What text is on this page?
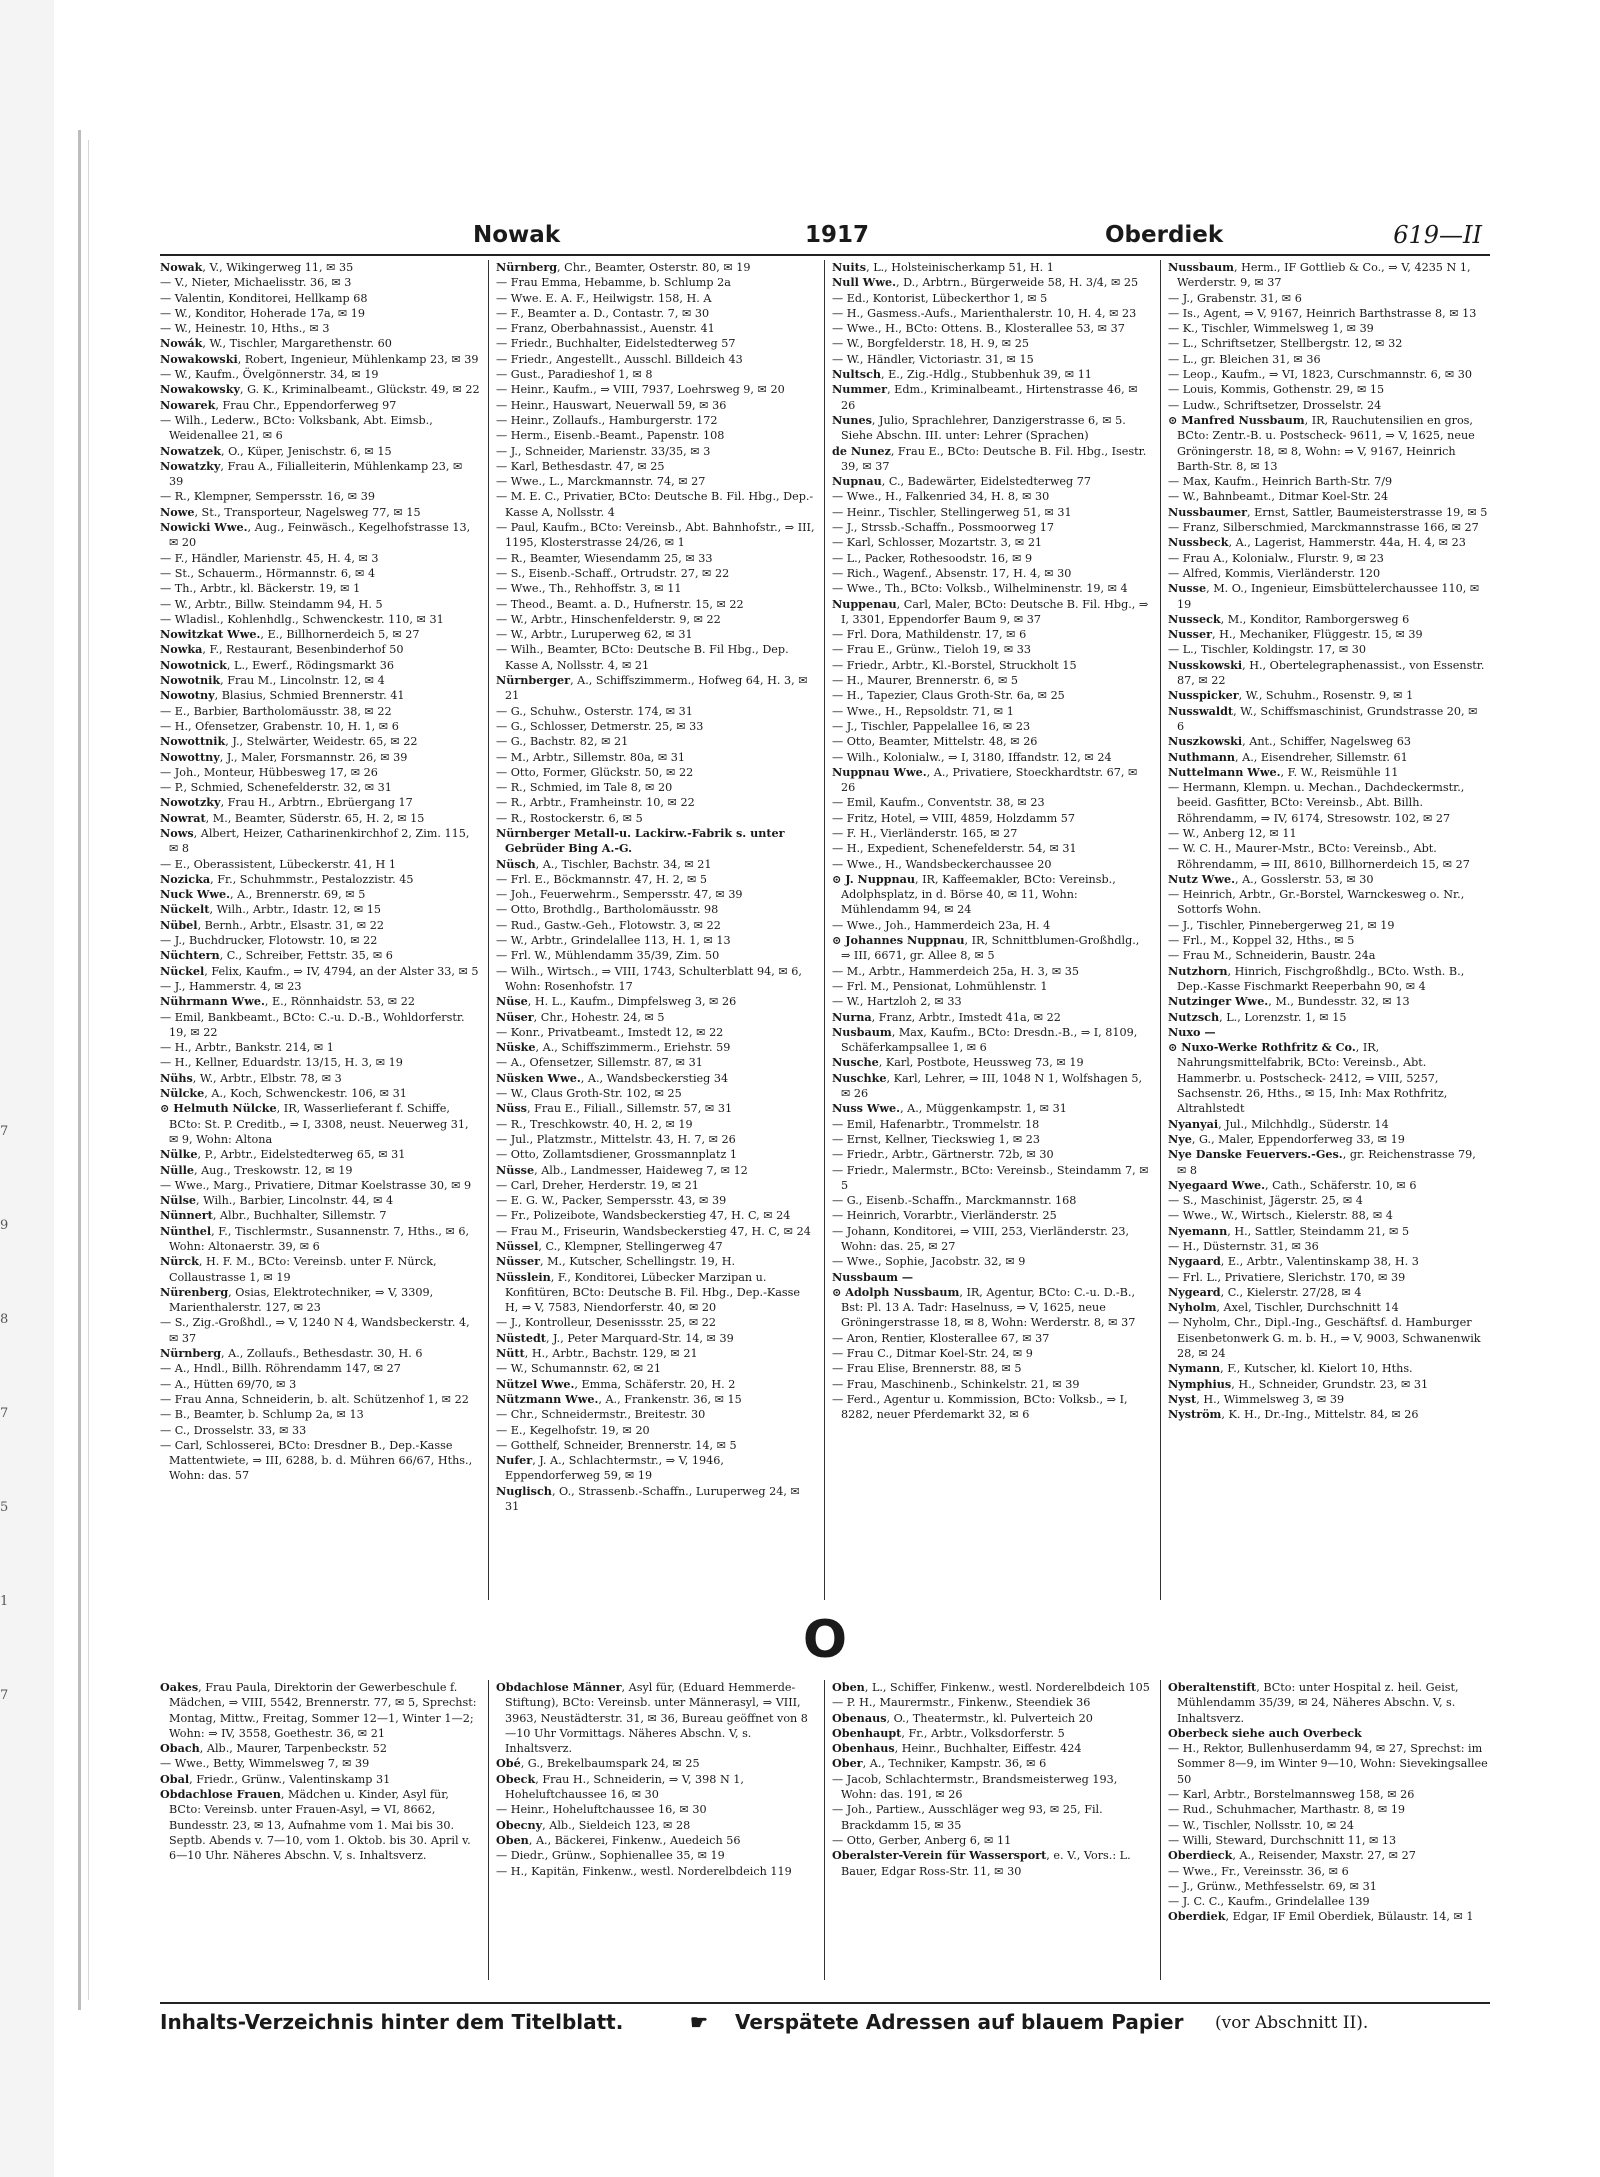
7
9
8
7
5
1
7
Nowak	1917	Oberdiek	619—II

Nowak, V., Wikingerweg 11, ✉ 35

— V., Nieter, Michaelisstr. 36, ✉ 3

— Valentin, Konditorei, Hellkamp 68

— W., Konditor, Hoherade 17a, ✉ 19

— W., Heinestr. 10, Hths., ✉ 3

Nowák, W., Tischler, Margarethenstr. 60

Nowakowski, Robert, Ingenieur, Mühlenkamp 23, ✉ 39

— W., Kaufm., Övelgönnerstr. 34, ✉ 19

Nowakowsky, G. K., Kriminalbeamt., Glückstr. 49, ✉ 22

Nowarek, Frau Chr., Eppendorferweg 97

— Wilh., Lederw., BCto: Volksbank, Abt. Eimsb., Weidenallee 21, ✉ 6

Nowatzek, O., Küper, Jenischstr. 6, ✉ 15

Nowatzky, Frau A., Filialleiterin, Mühlenkamp 23, ✉ 39

— R., Klempner, Sempersstr. 16, ✉ 39

Nowe, St., Transporteur, Nagelsweg 77, ✉ 15

Nowicki Wwe., Aug., Feinwäsch., Kegelhofstrasse 13, ✉ 20

— F., Händler, Marienstr. 45, H. 4, ✉ 3

— St., Schauerm., Hörmannstr. 6, ✉ 4

— Th., Arbtr., kl. Bäckerstr. 19, ✉ 1

— W., Arbtr., Billw. Steindamm 94, H. 5

— Wladisl., Kohlenhdlg., Schwenckestr. 110, ✉ 31

Nowitzkat Wwe., E., Billhornerdeich 5, ✉ 27

Nowka, F., Restaurant, Besenbinderhof 50

Nowotnick, L., Ewerf., Rödingsmarkt 36

Nowotnik, Frau M., Lincolnstr. 12, ✉ 4

Nowotny, Blasius, Schmied Brennerstr. 41

— E., Barbier, Bartholomäusstr. 38, ✉ 22

— H., Ofensetzer, Grabenstr. 10, H. 1, ✉ 6

Nowottnik, J., Stelwärter, Weidestr. 65, ✉ 22

Nowottny, J., Maler, Forsmannstr. 26, ✉ 39

— Joh., Monteur, Hübbesweg 17, ✉ 26

— P., Schmied, Schenefelderstr. 32, ✉ 31

Nowotzky, Frau H., Arbtrn., Ebrüergang 17

Nowrat, M., Beamter, Süderstr. 65, H. 2, ✉ 15

Nows, Albert, Heizer, Catharinenkirchhof 2, Zim. 115, ✉ 8

— E., Oberassistent, Lübeckerstr. 41, H 1

Nozicka, Fr., Schuhmmstr., Pestalozzistr. 45

Nuck Wwe., A., Brennerstr. 69, ✉ 5

Nückelt, Wilh., Arbtr., Idastr. 12, ✉ 15

Nübel, Bernh., Arbtr., Elsastr. 31, ✉ 22

— J., Buchdrucker, Flotowstr. 10, ✉ 22

Nüchtern, C., Schreiber, Fettstr. 35, ✉ 6

Nückel, Felix, Kaufm., ⇒ IV, 4794, an der Alster 33, ✉ 5

— J., Hammerstr. 4, ✉ 23

Nührmann Wwe., E., Rönnhaidstr. 53, ✉ 22

— Emil, Bankbeamt., BCto: C.-u. D.-B., Wohldorferstr. 19, ✉ 22

— H., Arbtr., Bankstr. 214, ✉ 1

— H., Kellner, Eduardstr. 13/15, H. 3, ✉ 19

Nühs, W., Arbtr., Elbstr. 78, ✉ 3

Nülcke, A., Koch, Schwenckestr. 106, ✉ 31

⊙ Helmuth Nülcke, IR, Wasserlieferant f. Schiffe, BCto: St. P. Creditb., ⇒ I, 3308, neust. Neuerweg 31, ✉ 9, Wohn: Altona

Nülke, P., Arbtr., Eidelstedterweg 65, ✉ 31

Nülle, Aug., Treskowstr. 12, ✉ 19

— Wwe., Marg., Privatiere, Ditmar Koelstrasse 30, ✉ 9

Nülse, Wilh., Barbier, Lincolnstr. 44, ✉ 4

Nünnert, Albr., Buchhalter, Sillemstr. 7

Nünthel, F., Tischlermstr., Susannenstr. 7, Hths., ✉ 6, Wohn: Altonaerstr. 39, ✉ 6

Nürck, H. F. M., BCto: Vereinsb. unter F. Nürck, Collaustrasse 1, ✉ 19

Nürenberg, Osias, Elektrotechniker, ⇒ V, 3309, Marienthalerstr. 127, ✉ 23

— S., Zig.-Großhdl., ⇒ V, 1240 N 4, Wandsbeckerstr. 4, ✉ 37

Nürnberg, A., Zollaufs., Bethesdastr. 30, H. 6

— A., Hndl., Billh. Röhrendamm 147, ✉ 27

— A., Hütten 69/70, ✉ 3

— Frau Anna, Schneiderin, b. alt. Schützenhof 1, ✉ 22

— B., Beamter, b. Schlump 2a, ✉ 13

— C., Drosselstr. 33, ✉ 33

— Carl, Schlosserei, BCto: Dresdner B., Dep.-Kasse Mattentwiete, ⇒ III, 6288, b. d. Mühren 66/67, Hths., Wohn: das. 57

Nürnberg, Chr., Beamter, Osterstr. 80, ✉ 19

— Frau Emma, Hebamme, b. Schlump 2a

— Wwe. E. A. F., Heilwigstr. 158, H. A

— F., Beamter a. D., Contastr. 7, ✉ 30

— Franz, Oberbahnassist., Auenstr. 41

— Friedr., Buchhalter, Eidelstedterweg 57

— Friedr., Angestellt., Ausschl. Billdeich 43

— Gust., Paradieshof 1, ✉ 8

— Heinr., Kaufm., ⇒ VIII, 7937, Loehrsweg 9, ✉ 20

— Heinr., Hauswart, Neuerwall 59, ✉ 36

— Heinr., Zollaufs., Hamburgerstr. 172

— Herm., Eisenb.-Beamt., Papenstr. 108

— J., Schneider, Marienstr. 33/35, ✉ 3

— Karl, Bethesdastr. 47, ✉ 25

— Wwe., L., Marckmannstr. 74, ✉ 27

— M. E. C., Privatier, BCto: Deutsche B. Fil. Hbg., Dep.-Kasse A, Nollsstr. 4

— Paul, Kaufm., BCto: Vereinsb., Abt. Bahnhofstr., ⇒ III, 1195, Klosterstrasse 24/26, ✉ 1

— R., Beamter, Wiesendamm 25, ✉ 33

— S., Eisenb.-Schaff., Ortrudstr. 27, ✉ 22

— Wwe., Th., Rehhoffstr. 3, ✉ 11

— Theod., Beamt. a. D., Hufnerstr. 15, ✉ 22

— W., Arbtr., Hinschenfelderstr. 9, ✉ 22

— W., Arbtr., Luruperweg 62, ✉ 31

— Wilh., Beamter, BCto: Deutsche B. Fil Hbg., Dep. Kasse A, Nollsstr. 4, ✉ 21

Nürnberger, A., Schiffszimmerm., Hofweg 64, H. 3, ✉ 21

— G., Schuhw., Osterstr. 174, ✉ 31

— G., Schlosser, Detmerstr. 25, ✉ 33

— G., Bachstr. 82, ✉ 21

— M., Arbtr., Sillemstr. 80a, ✉ 31

— Otto, Former, Glückstr. 50, ✉ 22

— R., Schmied, im Tale 8, ✉ 20

— R., Arbtr., Framheinstr. 10, ✉ 22

— R., Rostockerstr. 6, ✉ 5

Nürnberger Metall-u. Lackirw.-Fabrik s. unter Gebrüder Bing A.-G.

Nüsch, A., Tischler, Bachstr. 34, ✉ 21

— Frl. E., Böckmannstr. 47, H. 2, ✉ 5

— Joh., Feuerwehrm., Sempersstr. 47, ✉ 39

— Otto, Brothdlg., Bartholomäusstr. 98

— Rud., Gastw.-Geh., Flotowstr. 3, ✉ 22

— W., Arbtr., Grindelallee 113, H. 1, ✉ 13

— Frl. W., Mühlendamm 35/39, Zim. 50

— Wilh., Wirtsch., ⇒ VIII, 1743, Schulterblatt 94, ✉ 6, Wohn: Rosenhofstr. 17

Nüse, H. L., Kaufm., Dimpfelsweg 3, ✉ 26

Nüser, Chr., Hohestr. 24, ✉ 5

— Konr., Privatbeamt., Imstedt 12, ✉ 22

Nüske, A., Schiffszimmerm., Eriehstr. 59

— A., Ofensetzer, Sillemstr. 87, ✉ 31

Nüsken Wwe., A., Wandsbeckerstieg 34

— W., Claus Groth-Str. 102, ✉ 25

Nüss, Frau E., Filiall., Sillemstr. 57, ✉ 31

— R., Treschkowstr. 40, H. 2, ✉ 19

— Jul., Platzmstr., Mittelstr. 43, H. 7, ✉ 26

— Otto, Zollamtsdiener, Grossmannplatz 1

Nüsse, Alb., Landmesser, Haideweg 7, ✉ 12

— Carl, Dreher, Herderstr. 19, ✉ 21

— E. G. W., Packer, Sempersstr. 43, ✉ 39

— Fr., Polizeibote, Wandsbeckerstieg 47, H. C, ✉ 24

— Frau M., Friseurin, Wandsbeckerstieg 47, H. C, ✉ 24

Nüssel, C., Klempner, Stellingerweg 47

Nüsser, M., Kutscher, Schellingstr. 19, H.

Nüsslein, F., Konditorei, Lübecker Marzipan u. Konfitüren, BCto: Deutsche B. Fil. Hbg., Dep.-Kasse H, ⇒ V, 7583, Niendorferstr. 40, ✉ 20

— J., Kontrolleur, Desenissstr. 25, ✉ 22

Nüstedt, J., Peter Marquard-Str. 14, ✉ 39

Nütt, H., Arbtr., Bachstr. 129, ✉ 21

— W., Schumannstr. 62, ✉ 21

Nützel Wwe., Emma, Schäferstr. 20, H. 2

Nützmann Wwe., A., Frankenstr. 36, ✉ 15

— Chr., Schneidermstr., Breitestr. 30

— E., Kegelhofstr. 19, ✉ 20

— Gotthelf, Schneider, Brennerstr. 14, ✉ 5

Nufer, J. A., Schlachtermstr., ⇒ V, 1946, Eppendorferweg 59, ✉ 19

Nuglisch, O., Strassenb.-Schaffn., Luruperweg 24, ✉ 31

Nuits, L., Holsteinischerkamp 51, H. 1

Null Wwe., D., Arbtrn., Bürgerweide 58, H. 3/4, ✉ 25

— Ed., Kontorist, Lübeckerthor 1, ✉ 5

— H., Gasmess.-Aufs., Marienthalerstr. 10, H. 4, ✉ 23

— Wwe., H., BCto: Ottens. B., Klosterallee 53, ✉ 37

— W., Borgfelderstr. 18, H. 9, ✉ 25

— W., Händler, Victoriastr. 31, ✉ 15

Nultsch, E., Zig.-Hdlg., Stubbenhuk 39, ✉ 11

Nummer, Edm., Kriminalbeamt., Hirtenstrasse 46, ✉ 26

Nunes, Julio, Sprachlehrer, Danzigerstrasse 6, ✉ 5. Siehe Abschn. III. unter: Lehrer (Sprachen)

de Nunez, Frau E., BCto: Deutsche B. Fil. Hbg., Isestr. 39, ✉ 37

Nupnau, C., Badewärter, Eidelstedterweg 77

— Wwe., H., Falkenried 34, H. 8, ✉ 30

— Heinr., Tischler, Stellingerweg 51, ✉ 31

— J., Strssb.-Schaffn., Possmoorweg 17

— Karl, Schlosser, Mozartstr. 3, ✉ 21

— L., Packer, Rothesoodstr. 16, ✉ 9

— Rich., Wagenf., Absenstr. 17, H. 4, ✉ 30

— Wwe., Th., BCto: Volksb., Wilhelminenstr. 19, ✉ 4

Nuppenau, Carl, Maler, BCto: Deutsche B. Fil. Hbg., ⇒ I, 3301, Eppendorfer Baum 9, ✉ 37

— Frl. Dora, Mathildenstr. 17, ✉ 6

— Frau E., Grünw., Tieloh 19, ✉ 33

— Friedr., Arbtr., Kl.-Borstel, Struckholt 15

— H., Maurer, Brennerstr. 6, ✉ 5

— H., Tapezier, Claus Groth-Str. 6a, ✉ 25

— Wwe., H., Repsoldstr. 71, ✉ 1

— J., Tischler, Pappelallee 16, ✉ 23

— Otto, Beamter, Mittelstr. 48, ✉ 26

— Wilh., Kolonialw., ⇒ I, 3180, Iffandstr. 12, ✉ 24

Nuppnau Wwe., A., Privatiere, Stoeckhardtstr. 67, ✉ 26

— Emil, Kaufm., Conventstr. 38, ✉ 23

— Fritz, Hotel, ⇒ VIII, 4859, Holzdamm 57

— F. H., Vierländerstr. 165, ✉ 27

— H., Expedient, Schenefelderstr. 54, ✉ 31

— Wwe., H., Wandsbeckerchaussee 20

⊙ J. Nuppnau, IR, Kaffeemakler, BCto: Vereinsb., Adolphsplatz, in d. Börse 40, ✉ 11, Wohn: Mühlendamm 94, ✉ 24

— Wwe., Joh., Hammerdeich 23a, H. 4

⊙ Johannes Nuppnau, IR, Schnittblumen-Großhdlg., ⇒ III, 6671, gr. Allee 8, ✉ 5

— M., Arbtr., Hammerdeich 25a, H. 3, ✉ 35

— Frl. M., Pensionat, Lohmühlenstr. 1

— W., Hartzloh 2, ✉ 33

Nurna, Franz, Arbtr., Imstedt 41a, ✉ 22

Nusbaum, Max, Kaufm., BCto: Dresdn.-B., ⇒ I, 8109, Schäferkampsallee 1, ✉ 6

Nusche, Karl, Postbote, Heussweg 73, ✉ 19

Nuschke, Karl, Lehrer, ⇒ III, 1048 N 1, Wolfshagen 5, ✉ 26

Nuss Wwe., A., Müggenkampstr. 1, ✉ 31

— Emil, Hafenarbtr., Trommelstr. 18

— Ernst, Kellner, Tieckswieg 1, ✉ 23

— Friedr., Arbtr., Gärtnerstr. 72b, ✉ 30

— Friedr., Malermstr., BCto: Vereinsb., Steindamm 7, ✉ 5

— G., Eisenb.-Schaffn., Marckmannstr. 168

— Heinrich, Vorarbtr., Vierländerstr. 25

— Johann, Konditorei, ⇒ VIII, 253, Vierländerstr. 23, Wohn: das. 25, ✉ 27

— Wwe., Sophie, Jacobstr. 32, ✉ 9

Nussbaum —

⊙ Adolph Nussbaum, IR, Agentur, BCto: C.-u. D.-B., Bst: Pl. 13 A. Tadr: Haselnuss, ⇒ V, 1625, neue Gröningerstrasse 18, ✉ 8, Wohn: Werderstr. 8, ✉ 37

— Aron, Rentier, Klosterallee 67, ✉ 37

— Frau C., Ditmar Koel-Str. 24, ✉ 9

— Frau Elise, Brennerstr. 88, ✉ 5

— Frau, Maschinenb., Schinkelstr. 21, ✉ 39

— Ferd., Agentur u. Kommission, BCto: Volksb., ⇒ I, 8282, neuer Pferdemarkt 32, ✉ 6

Nussbaum, Herm., IF Gottlieb & Co., ⇒ V, 4235 N 1, Werderstr. 9, ✉ 37

— J., Grabenstr. 31, ✉ 6

— Is., Agent, ⇒ V, 9167, Heinrich Barthstrasse 8, ✉ 13

— K., Tischler, Wimmelsweg 1, ✉ 39

— L., Schriftsetzer, Stellbergstr. 12, ✉ 32

— L., gr. Bleichen 31, ✉ 36

— Leop., Kaufm., ⇒ VI, 1823, Curschmannstr. 6, ✉ 30

— Louis, Kommis, Gothenstr. 29, ✉ 15

— Ludw., Schriftsetzer, Drosselstr. 24

⊙ Manfred Nussbaum, IR, Rauchutensilien en gros, BCto: Zentr.-B. u. Postscheck- 9611, ⇒ V, 1625, neue Gröningerstr. 18, ✉ 8, Wohn: ⇒ V, 9167, Heinrich Barth-Str. 8, ✉ 13

— Max, Kaufm., Heinrich Barth-Str. 7/9

— W., Bahnbeamt., Ditmar Koel-Str. 24

Nussbaumer, Ernst, Sattler, Baumeisterstrasse 19, ✉ 5

— Franz, Silberschmied, Marckmannstrasse 166, ✉ 27

Nussbeck, A., Lagerist, Hammerstr. 44a, H. 4, ✉ 23

— Frau A., Kolonialw., Flurstr. 9, ✉ 23

— Alfred, Kommis, Vierländerstr. 120

Nusse, M. O., Ingenieur, Eimsbüttelerchaussee 110, ✉ 19

Nusseck, M., Konditor, Ramborgersweg 6

Nusser, H., Mechaniker, Flüggestr. 15, ✉ 39

— L., Tischler, Koldingstr. 17, ✉ 30

Nusskowski, H., Obertelegraphenassist., von Essenstr. 87, ✉ 22

Nusspicker, W., Schuhm., Rosenstr. 9, ✉ 1

Nusswaldt, W., Schiffsmaschinist, Grundstrasse 20, ✉ 6

Nuszkowski, Ant., Schiffer, Nagelsweg 63

Nuthmann, A., Eisendreher, Sillemstr. 61

Nuttelmann Wwe., F. W., Reismühle 11

— Hermann, Klempn. u. Mechan., Dachdeckermstr., beeid. Gasfitter, BCto: Vereinsb., Abt. Billh. Röhrendamm, ⇒ IV, 6174, Stresowstr. 102, ✉ 27

— W., Anberg 12, ✉ 11

— W. C. H., Maurer-Mstr., BCto: Vereinsb., Abt. Röhrendamm, ⇒ III, 8610, Billhornerdeich 15, ✉ 27

Nutz Wwe., A., Gosslerstr. 53, ✉ 30

— Heinrich, Arbtr., Gr.-Borstel, Warnckesweg o. Nr., Sottorfs Wohn.

— J., Tischler, Pinnebergerweg 21, ✉ 19

— Frl., M., Koppel 32, Hths., ✉ 5

— Frau M., Schneiderin, Baustr. 24a

Nutzhorn, Hinrich, Fischgroßhdlg., BCto. Wsth. B., Dep.-Kasse Fischmarkt Reeperbahn 90, ✉ 4

Nutzinger Wwe., M., Bundesstr. 32, ✉ 13

Nutzsch, L., Lorenzstr. 1, ✉ 15

Nuxo —

⊙ Nuxo-Werke Rothfritz & Co., IR, Nahrungsmittelfabrik, BCto: Vereinsb., Abt. Hammerbr. u. Postscheck- 2412, ⇒ VIII, 5257, Sachsenstr. 26, Hths., ✉ 15, Inh: Max Rothfritz, Altrahlstedt

Nyanyai, Jul., Milchhdlg., Süderstr. 14

Nye, G., Maler, Eppendorferweg 33, ✉ 19

Nye Danske Feuervers.-Ges., gr. Reichenstrasse 79, ✉ 8

Nyegaard Wwe., Cath., Schäferstr. 10, ✉ 6

— S., Maschinist, Jägerstr. 25, ✉ 4

— Wwe., W., Wirtsch., Kielerstr. 88, ✉ 4

Nyemann, H., Sattler, Steindamm 21, ✉ 5

— H., Düsternstr. 31, ✉ 36

Nygaard, E., Arbtr., Valentinskamp 38, H. 3

— Frl. L., Privatiere, Slerichstr. 170, ✉ 39

Nygeard, C., Kielerstr. 27/28, ✉ 4

Nyholm, Axel, Tischler, Durchschnitt 14

— Nyholm, Chr., Dipl.-Ing., Geschäftsf. d. Hamburger Eisenbetonwerk G. m. b. H., ⇒ V, 9003, Schwanenwik 28, ✉ 24

Nymann, F., Kutscher, kl. Kielort 10, Hths.

Nymphius, H., Schneider, Grundstr. 23, ✉ 31

Nyst, H., Wimmelsweg 3, ✉ 39

Nyström, K. H., Dr.-Ing., Mittelstr. 84, ✉ 26

O

Oakes, Frau Paula, Direktorin der Gewerbeschule f. Mädchen, ⇒ VIII, 5542, Brennerstr. 77, ✉ 5, Sprechst: Montag, Mittw., Freitag, Sommer 12—1, Winter 1—2; Wohn: ⇒ IV, 3558, Goethestr. 36, ✉ 21

Obach, Alb., Maurer, Tarpenbeckstr. 52

— Wwe., Betty, Wimmelsweg 7, ✉ 39

Obal, Friedr., Grünw., Valentinskamp 31

Obdachlose Frauen, Mädchen u. Kinder, Asyl für, BCto: Vereinsb. unter Frauen-Asyl, ⇒ VI, 8662, Bundesstr. 23, ✉ 13, Aufnahme vom 1. Mai bis 30. Septb. Abends v. 7—10, vom 1. Oktob. bis 30. April v. 6—10 Uhr. Näheres Abschn. V, s. Inhaltsverz.

Obdachlose Männer, Asyl für, (Eduard Hemmerde-Stiftung), BCto: Vereinsb. unter Männerasyl, ⇒ VIII, 3963, Neustädterstr. 31, ✉ 36, Bureau geöffnet von 8—10 Uhr Vormittags. Näheres Abschn. V, s. Inhaltsverz.

Obé, G., Brekelbaumspark 24, ✉ 25

Obeck, Frau H., Schneiderin, ⇒ V, 398 N 1, Hoheluftchaussee 16, ✉ 30

— Heinr., Hoheluftchaussee 16, ✉ 30

Obecny, Alb., Sieldeich 123, ✉ 28

Oben, A., Bäckerei, Finkenw., Auedeich 56

— Diedr., Grünw., Sophienallee 35, ✉ 19

— H., Kapitän, Finkenw., westl. Norderelbdeich 119

Oben, L., Schiffer, Finkenw., westl. Norderelbdeich 105

— P. H., Maurermstr., Finkenw., Steendiek 36

Obenaus, O., Theatermstr., kl. Pulverteich 20

Obenhaupt, Fr., Arbtr., Volksdorferstr. 5

Obenhaus, Heinr., Buchhalter, Eiffestr. 424

Ober, A., Techniker, Kampstr. 36, ✉ 6

— Jacob, Schlachtermstr., Brandsmeisterweg 193, Wohn: das. 191, ✉ 26

— Joh., Partiew., Ausschläger weg 93, ✉ 25, Fil. Brackdamm 15, ✉ 35

— Otto, Gerber, Anberg 6, ✉ 11

Oberalster-Verein für Wassersport, e. V., Vors.: L. Bauer, Edgar Ross-Str. 11, ✉ 30

Oberaltenstift, BCto: unter Hospital z. heil. Geist, Mühlendamm 35/39, ✉ 24, Näheres Abschn. V, s. Inhaltsverz.

Oberbeck siehe auch Overbeck

— H., Rektor, Bullenhuserdamm 94, ✉ 27, Sprechst: im Sommer 8—9, im Winter 9—10, Wohn: Sievekingsallee 50

— Karl, Arbtr., Borstelmannsweg 158, ✉ 26

— Rud., Schuhmacher, Marthastr. 8, ✉ 19

— W., Tischler, Nollsstr. 10, ✉ 24

— Willi, Steward, Durchschnitt 11, ✉ 13

Oberdieck, A., Reisender, Maxstr. 27, ✉ 27

— Wwe., Fr., Vereinsstr. 36, ✉ 6

— J., Grünw., Methfesselstr. 69, ✉ 31

— J. C. C., Kaufm., Grindelallee 139

Oberdiek, Edgar, IF Emil Oberdiek, Bülaustr. 14, ✉ 1

Inhalts-Verzeichnis hinter dem Titelblatt.	☛ Verspätete Adressen auf blauem Papier (vor Abschnitt II).
